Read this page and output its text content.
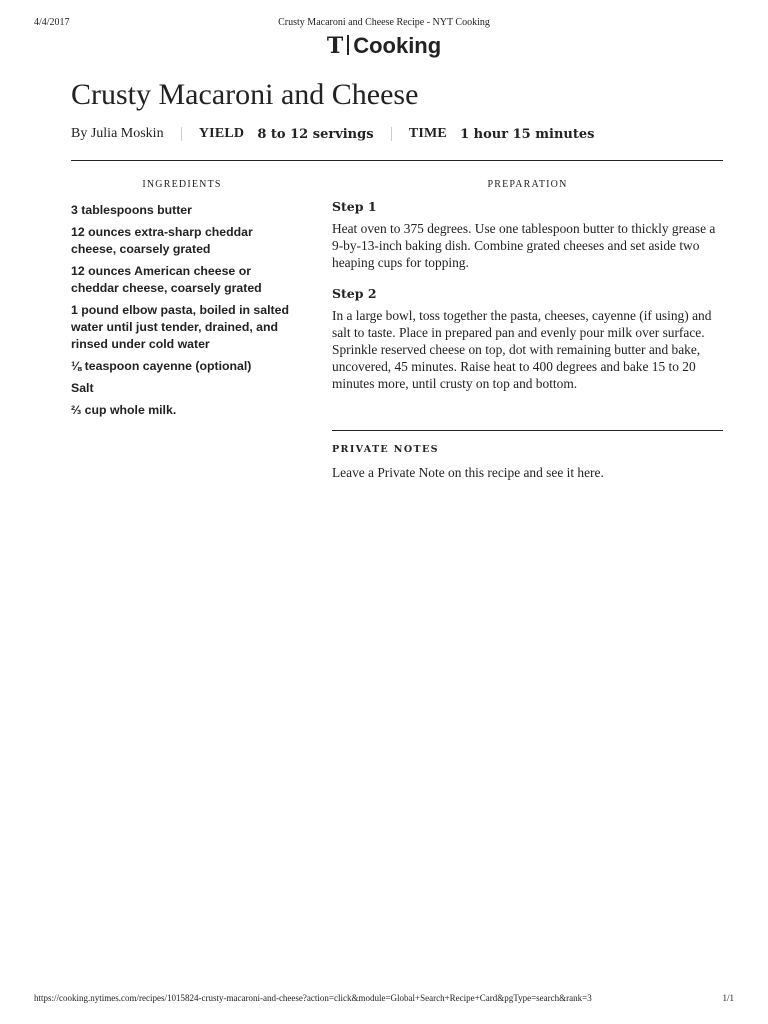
4/4/2017	Crusty Macaroni and Cheese Recipe - NYT Cooking
T Cooking
Crusty Macaroni and Cheese
By Julia Moskin	YIELD 8 to 12 servings	TIME 1 hour 15 minutes
INGREDIENTS	PREPARATION
3 tablespoons butter
12 ounces extra-sharp cheddar cheese, coarsely grated
12 ounces American cheese or cheddar cheese, coarsely grated
1 pound elbow pasta, boiled in salted water until just tender, drained, and rinsed under cold water
⅛ teaspoon cayenne (optional)
Salt
⅔ cup whole milk.
Step 1

Heat oven to 375 degrees. Use one tablespoon butter to thickly grease a 9-by-13-inch baking dish. Combine grated cheeses and set aside two heaping cups for topping.

Step 2

In a large bowl, toss together the pasta, cheeses, cayenne (if using) and salt to taste. Place in prepared pan and evenly pour milk over surface. Sprinkle reserved cheese on top, dot with remaining butter and bake, uncovered, 45 minutes. Raise heat to 400 degrees and bake 15 to 20 minutes more, until crusty on top and bottom.

PRIVATE NOTES
Leave a Private Note on this recipe and see it here.
https://cooking.nytimes.com/recipes/1015824-crusty-macaroni-and-cheese?action=click&module=Global+Search+Recipe+Card&pgType=search&rank=3	1/1
